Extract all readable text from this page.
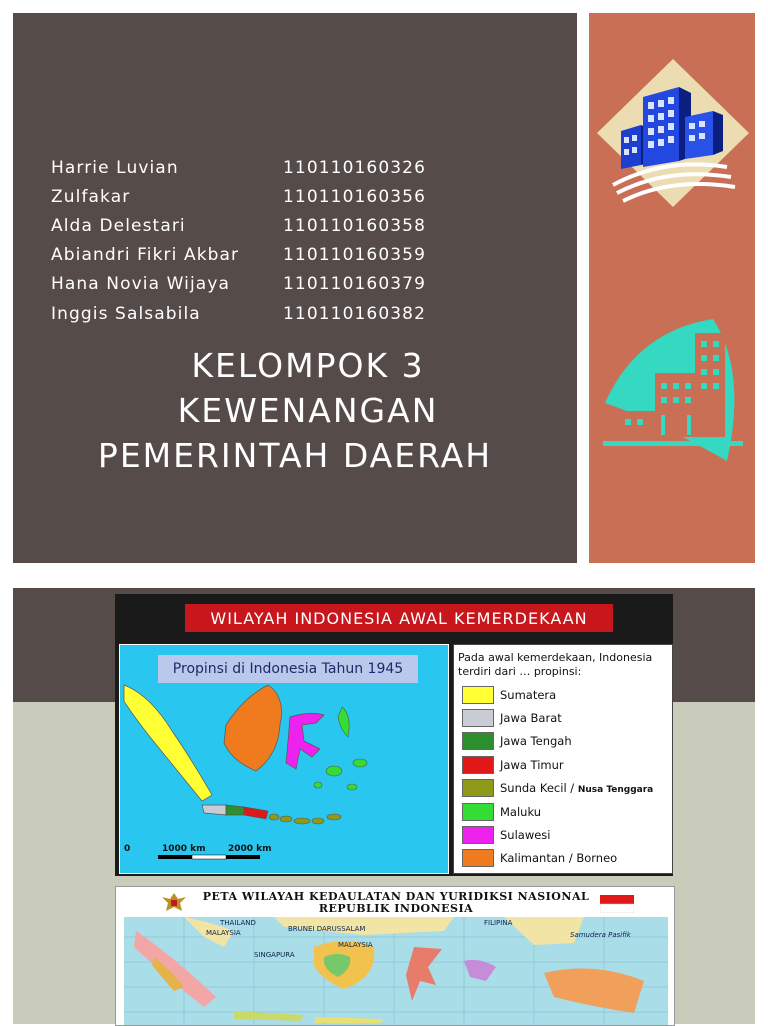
Harrie Luvian	110110160326
Zulfakar	110110160356
Alda Delestari	110110160358
Abiandri Fikri Akbar	110110160359
Hana Novia Wijaya	110110160379
Inggis Salsabila	110110160382
KELOMPOK 3
KEWENANGAN
PEMERINTAH DAERAH
WILAYAH INDONESIA AWAL KEMERDEKAAN
Propinsi di Indonesia Tahun 1945
0	1000 km 2000 km
Pada awal kemerdekaan, Indonesia terdiri dari … propinsi:
Sumatera
Jawa Barat
Jawa Tengah
Jawa Timur
Sunda Kecil / Nusa Tenggara
Maluku
Sulawesi
Kalimantan / Borneo
PETA WILAYAH KEDAULATAN DAN YURIDIKSI NASIONAL REPUBLIK INDONESIA
THAILAND
BRUNEI DARUSSALAM
FILIPINA
MALAYSIA
MALAYSIA
SINGAPURA
Samudera Pasifik
